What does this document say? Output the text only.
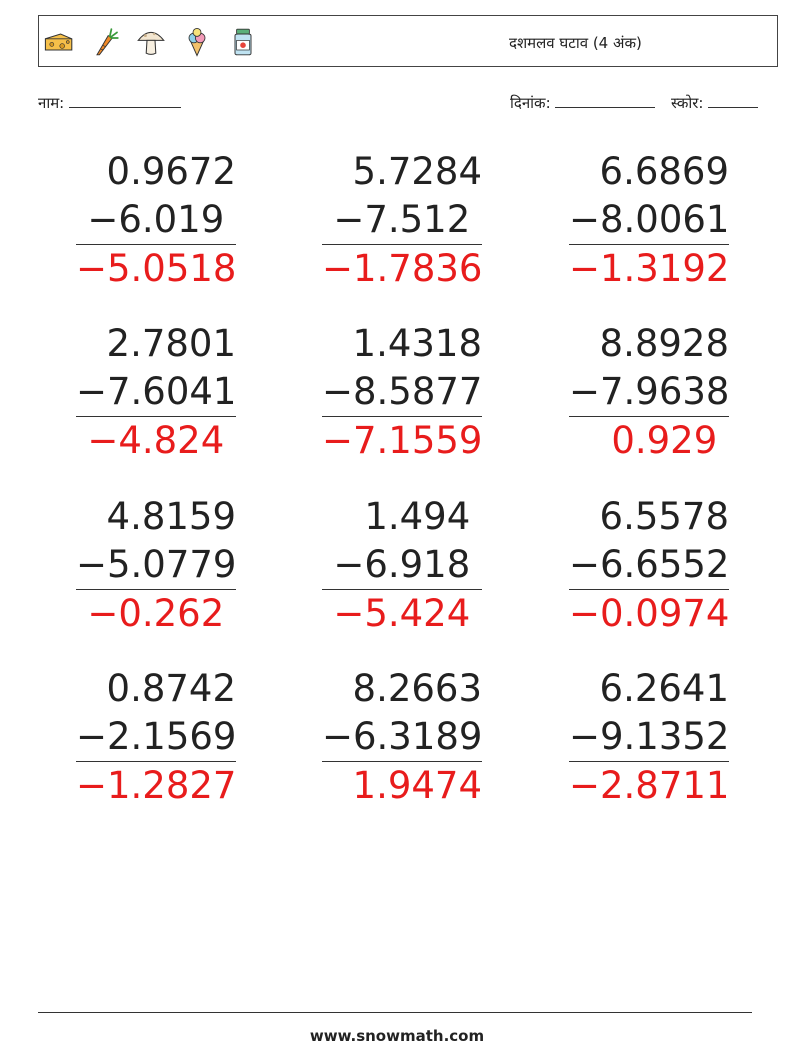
दशमलव घटाव (4 अंक)
नाम:	दिनांक:	स्कोर:
0.9672
−6.019
−5.0518
5.7284
−7.512
−1.7836
6.6869
−8.0061
−1.3192
2.7801
−7.6041
−4.824
1.4318
−8.5877
−7.1559
8.8928
−7.9638
0.929
4.8159
−5.0779
−0.262
1.494
−6.918
−5.424
6.5578
−6.6552
−0.0974
0.8742
−2.1569
−1.2827
8.2663
−6.3189
1.9474
6.2641
−9.1352
−2.8711
www.snowmath.com
